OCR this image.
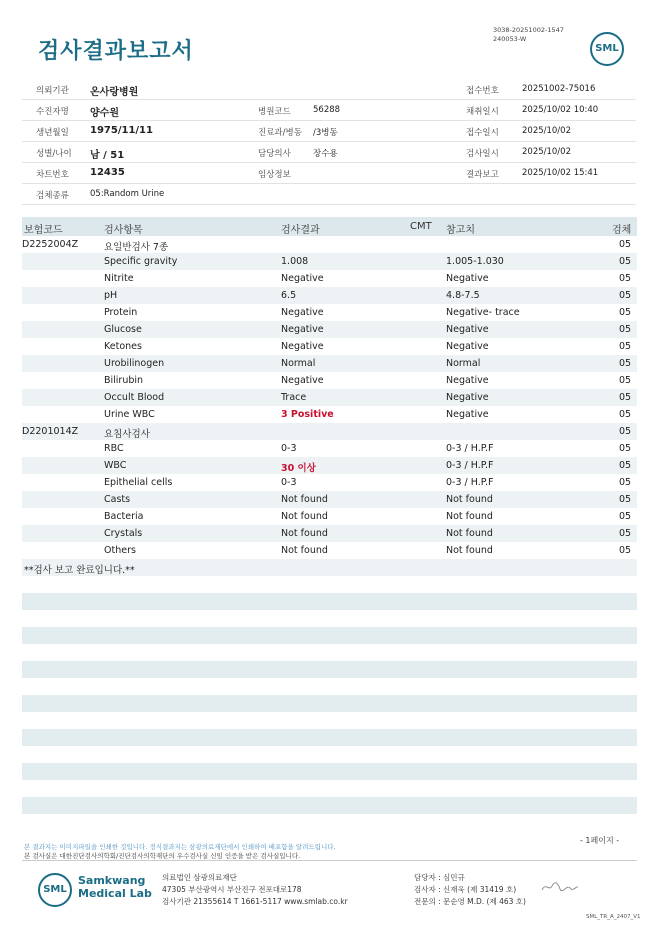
검사결과보고서
3038-20251002-1547
240053-W
SML
의뢰기관 온사랑병원	접수번호	20251002-75016
수진자명 양수원	병원코드	56288	채취일시	2025/10/02 10:40
생년월일 1975/11/11	진료과/병동 /3병동	접수일시	2025/10/02
성별/나이 남 / 51	담당의사	장수용	검사일시	2025/10/02
차트번호 12435	임상정보	결과보고	2025/10/02 15:41
검체종류 05:Random Urine
보험코드	검사항목	검사결과	CMT 참고치	검체
D2252004Z	요일반검사 7종	05
Specific gravity	1.008	1.005-1.030	05
Nitrite	Negative	Negative	05
pH	6.5	4.8-7.5	05
Protein	Negative	Negative- trace	05
Glucose	Negative	Negative	05
Ketones	Negative	Negative	05
Urobilinogen	Normal	Normal	05
Bilirubin	Negative	Negative	05
Occult Blood	Trace	Negative	05
Urine WBC	3 Positive	Negative	05
D2201014Z	요침사검사	05
RBC	0-3	0-3 / H.P.F	05
WBC	30 이상	0-3 / H.P.F	05
Epithelial cells	0-3	0-3 / H.P.F	05
Casts	Not found	Not found	05
Bacteria	Not found	Not found	05
Crystals	Not found	Not found	05
Others	Not found	Not found	05
**검사 보고 완료입니다.**
본 결과지는 이미지파일을 인쇄한 것입니다. 정식결과지는 삼광의료재단에서 인쇄하여 배포함을 알려드립니다.
본 검사실은 대한진단검사의학회/진단검사의학재단의 우수검사실 신임 인증을 받은 검사실입니다.
- 1페이지 -
SML
Samkwang
Medical Lab
의료법인 삼광의료재단
47305 부산광역시 부산진구 전포대로178
검사기관 21355614 T 1661-5117 www.smlab.co.kr
담당자 : 심민규
검사자 : 신재욱 (제 31419 호)
전문의 : 문순영 M.D. (제 463 호)
SML_TR_A_2407_V1
